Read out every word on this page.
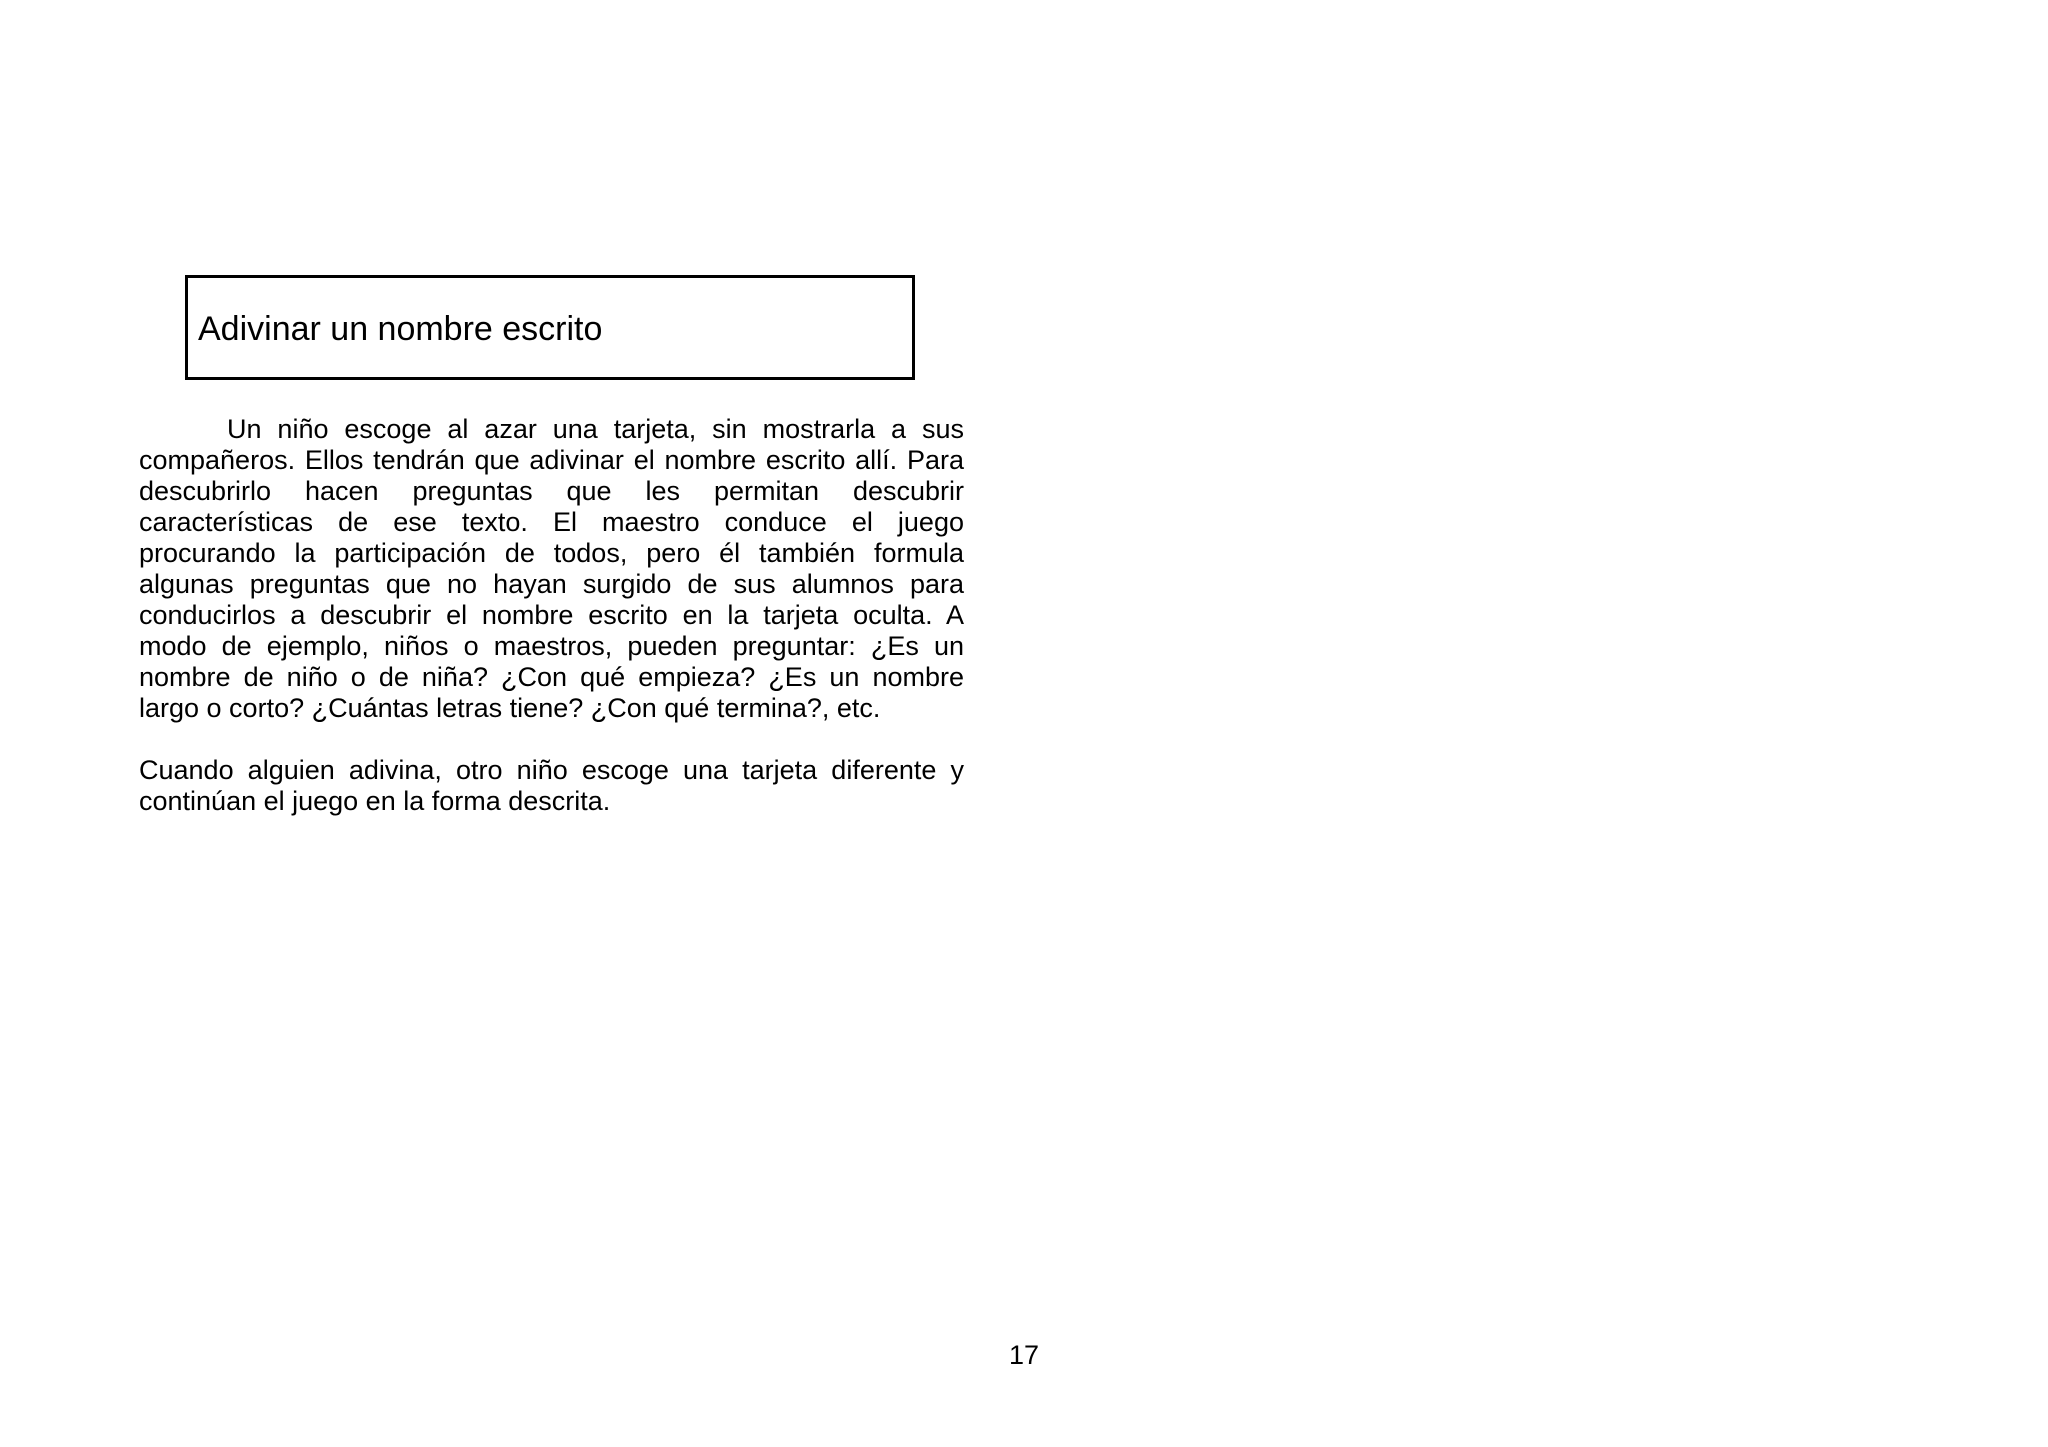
Adivinar un nombre escrito

Un niño escoge al azar una tarjeta, sin mostrarla a sus compañeros. Ellos tendrán que adivinar el nombre escrito allí. Para descubrirlo hacen preguntas que les permitan descubrir características de ese texto. El maestro conduce el juego procurando la participación de todos, pero él también formula algunas preguntas que no hayan surgido de sus alumnos para conducirlos a descubrir el nombre escrito en la tarjeta oculta. A modo de ejemplo, niños o maestros, pueden preguntar: ¿Es un nombre de niño o de niña? ¿Con qué empieza? ¿Es un nombre largo o corto? ¿Cuántas letras tiene? ¿Con qué termina?, etc.

Cuando alguien adivina, otro niño escoge una tarjeta diferente y continúan el juego en la forma descrita.

17
